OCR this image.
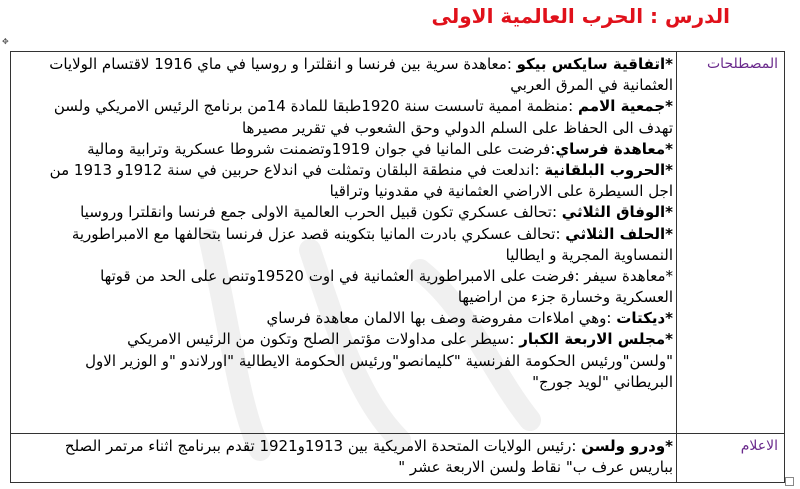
الدرس : الحرب العالمية الاولى
✥
المصطلحات
*اتفاقية سايكس بيكو :معاهدة سرية بين فرنسا و انقلترا و روسيا في ماي 1916 لاقتسام الولايات
العثمانية في المرق العربي
*جمعية الامم :منظمة اممية تاسست سنة 1920طبقا للمادة 14من برنامج الرئيس الامريكي ولسن
تهدف الى الحفاظ على السلم الدولي وحق الشعوب في تقرير مصيرها
*معاهدة فرساي:فرضت على المانيا في جوان 1919وتضمنت شروطا عسكرية وترابية ومالية
*الحروب البلقانية :اندلعت في منطقة البلقان وتمثلت في اندلاع حربين في سنة 1912و 1913 من
اجل السيطرة على الاراضي العثمانية في مقدونيا وتراقيا
*الوفاق الثلاثي :تحالف عسكري تكون قبيل الحرب العالمية الاولى جمع فرنسا وانقلترا وروسيا
*الحلف الثلاثي :تحالف عسكري بادرت المانيا بتكوينه قصد عزل فرنسا بتحالفها مع الامبراطورية
النمساوية المجرية و ايطاليا
*معاهدة سيفر :فرضت على الامبراطورية العثمانية في اوت 19520وتنص على الحد من قوتها
العسكرية وخسارة جزء من اراضيها
*ديكتات :وهي املاءات مفروضة وصف بها الالمان معاهدة فرساي
*مجلس الاربعة الكبار :سيطر على مداولات مؤتمر الصلح وتكون من الرئيس الامريكي
"ولسن"ورئيس الحكومة الفرنسية "كليمانصو"ورئيس الحكومة الايطالية "اورلاندو "و الوزير الاول
البريطاني "لويد جورج"
الاعلام
*ودرو ولسن :رئيس الولايات المتحدة الامريكية بين 1913و1921 تقدم ببرنامج اثناء مرتمر الصلح
بباريس عرف ب" نقاط ولسن الاربعة عشر "
